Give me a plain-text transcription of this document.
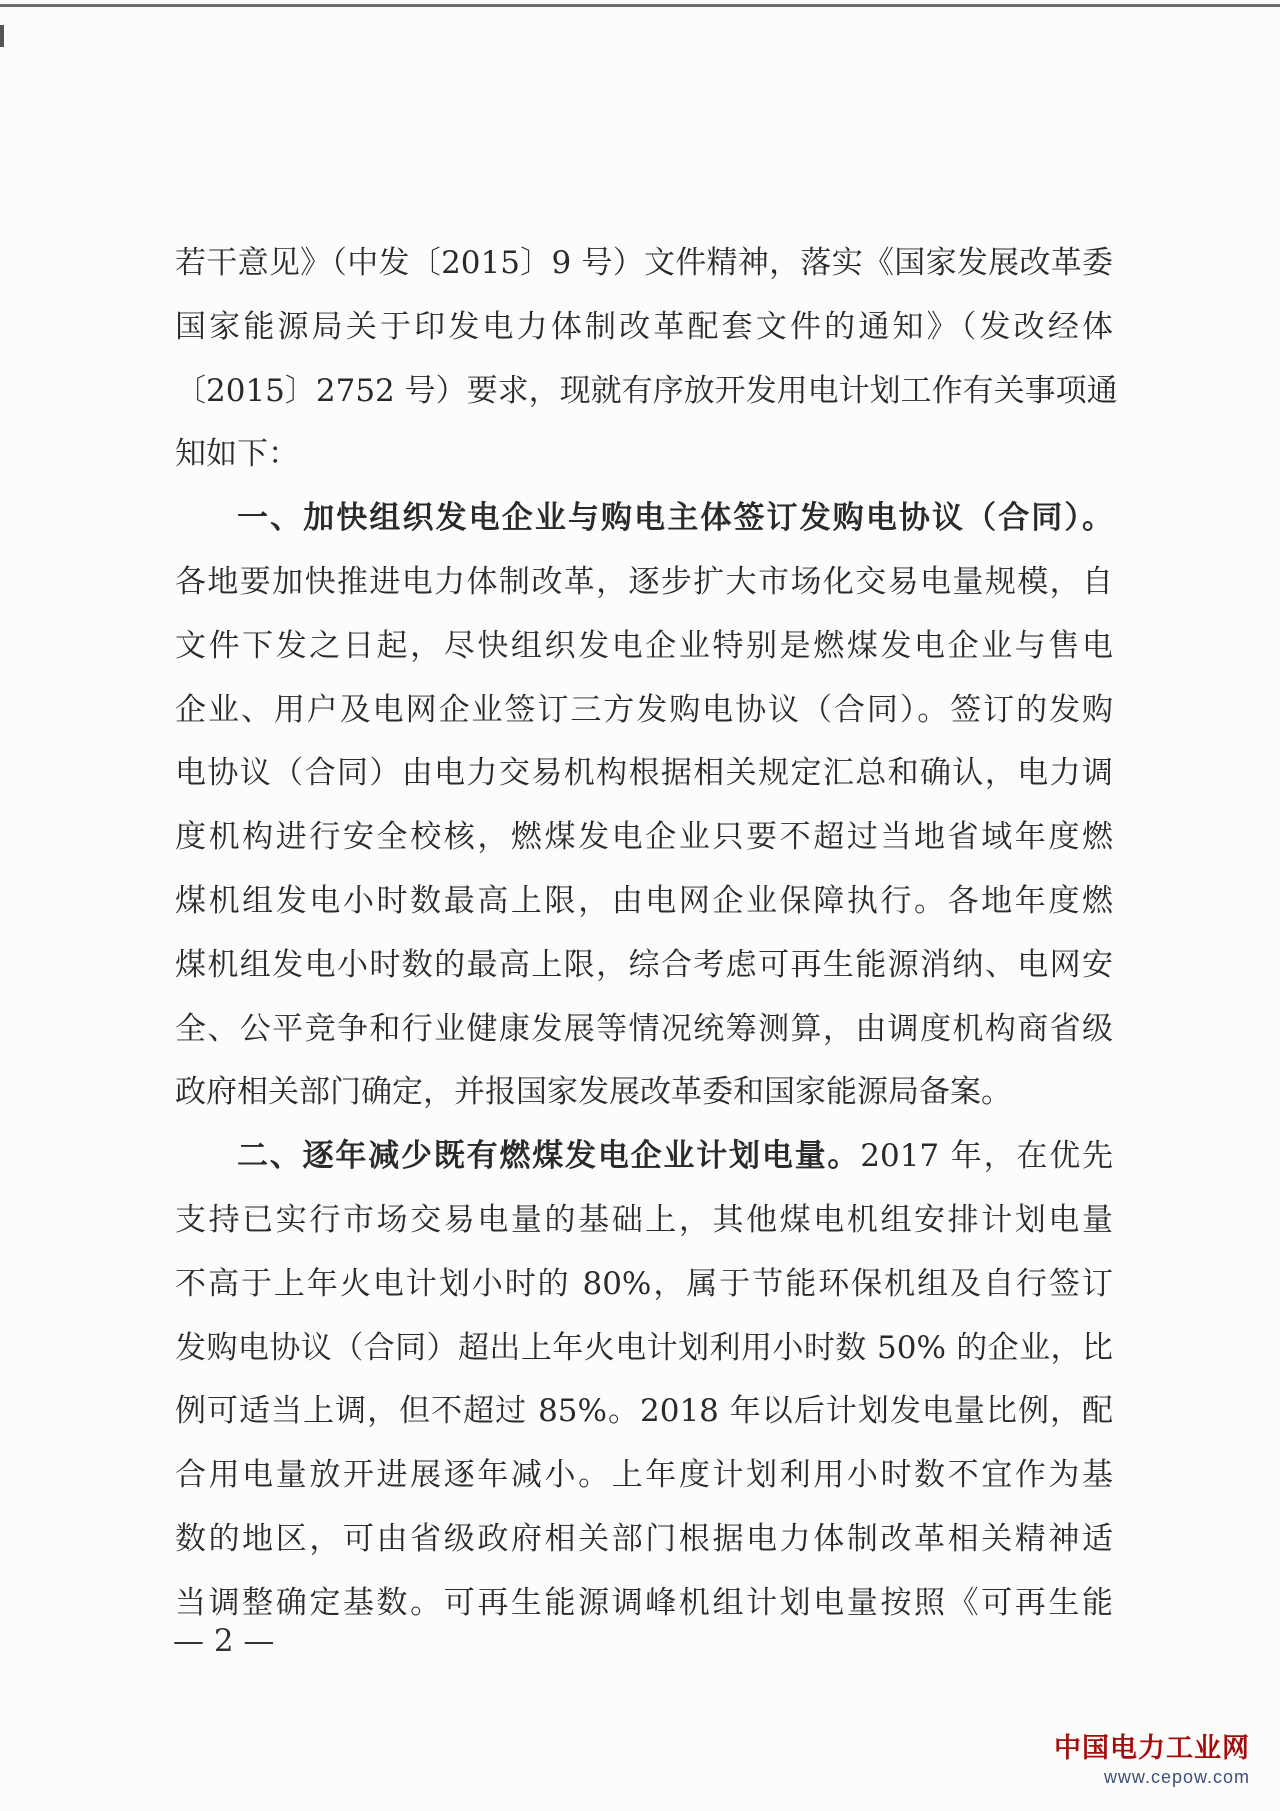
若干意见》（中发〔2015〕9 号）文件精神，落实《国家发展改革委
国家能源局关于印发电力体制改革配套文件的通知》（发改经体
〔2015〕2752 号）要求，现就有序放开发用电计划工作有关事项通
知如下：
一、加快组织发电企业与购电主体签订发购电协议（合同）。
各地要加快推进电力体制改革，逐步扩大市场化交易电量规模，自
文件下发之日起，尽快组织发电企业特别是燃煤发电企业与售电
企业、用户及电网企业签订三方发购电协议（合同）。签订的发购
电协议（合同）由电力交易机构根据相关规定汇总和确认，电力调
度机构进行安全校核，燃煤发电企业只要不超过当地省域年度燃
煤机组发电小时数最高上限，由电网企业保障执行。各地年度燃
煤机组发电小时数的最高上限，综合考虑可再生能源消纳、电网安
全、公平竞争和行业健康发展等情况统筹测算，由调度机构商省级
政府相关部门确定，并报国家发展改革委和国家能源局备案。
二、逐年减少既有燃煤发电企业计划电量。2017 年，在优先
支持已实行市场交易电量的基础上，其他煤电机组安排计划电量
不高于上年火电计划小时的 80%，属于节能环保机组及自行签订
发购电协议（合同）超出上年火电计划利用小时数 50% 的企业，比
例可适当上调，但不超过 85%。2018 年以后计划发电量比例，配
合用电量放开进展逐年减小。上年度计划利用小时数不宜作为基
数的地区，可由省级政府相关部门根据电力体制改革相关精神适
当调整确定基数。可再生能源调峰机组计划电量按照《可再生能
— 2 —
中国电力工业网
www.cepow.com
